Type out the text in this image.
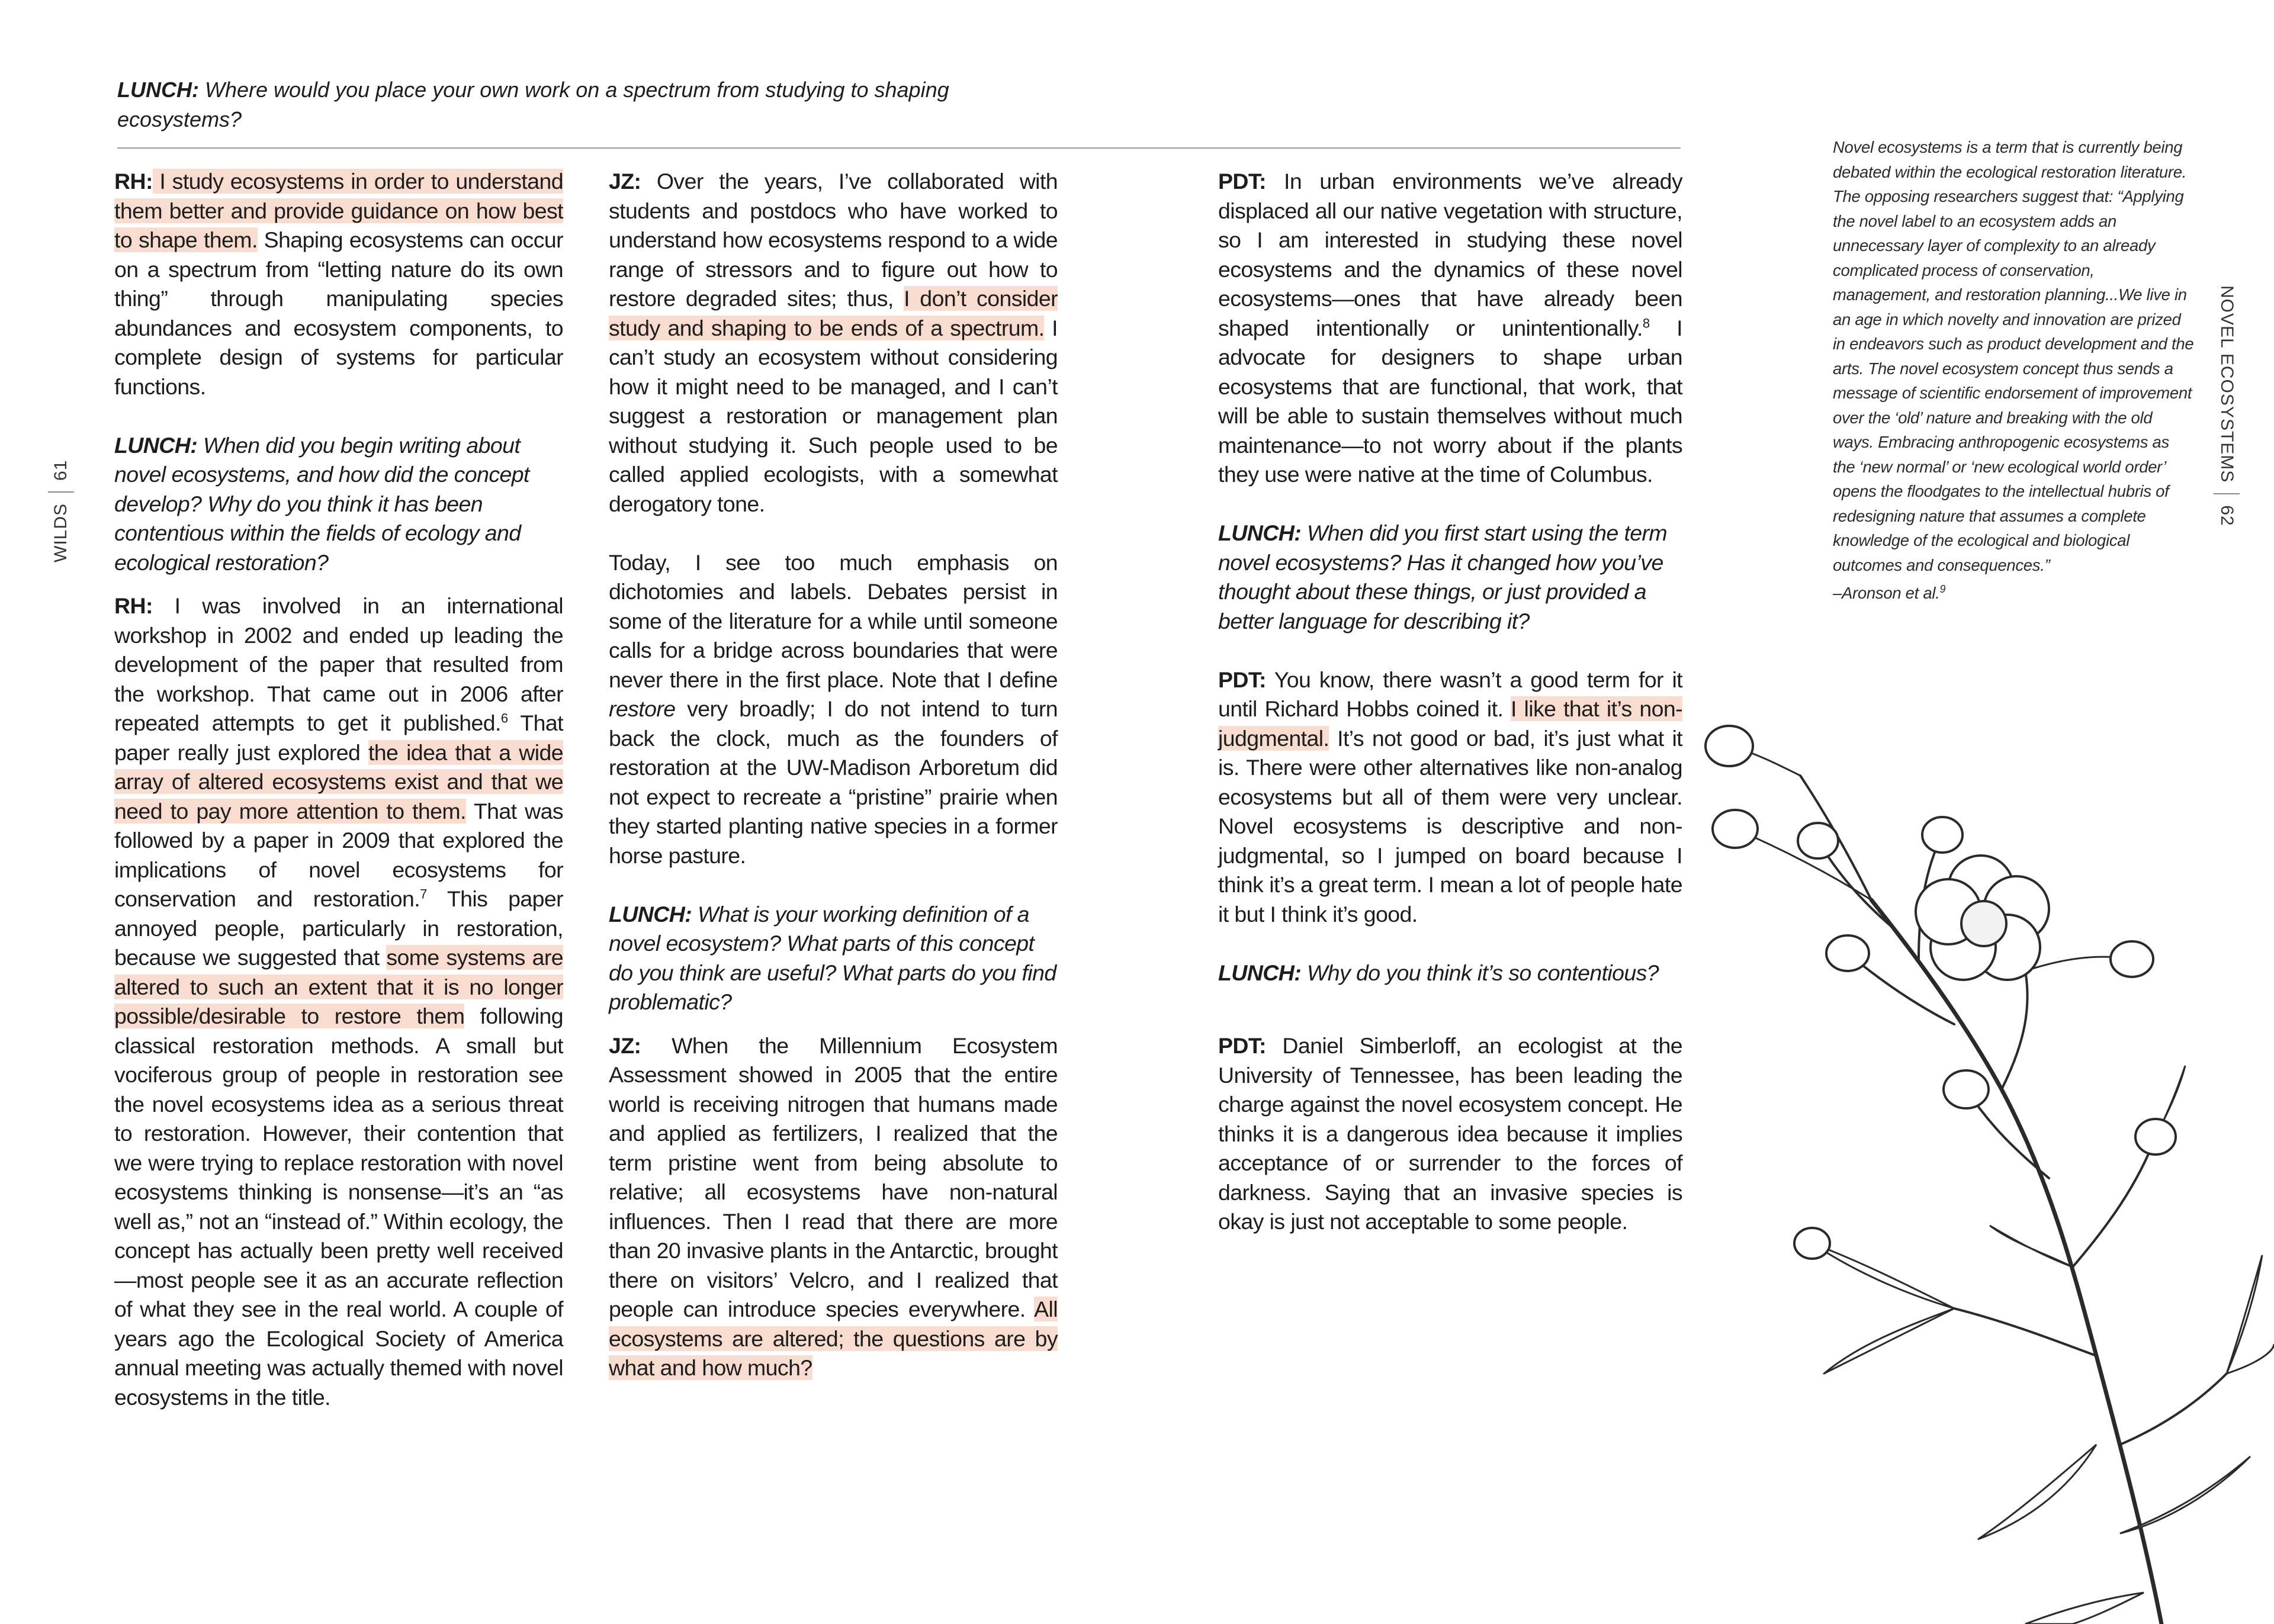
LUNCH: Where would you place your own work on a spectrum from studying to shaping ecosystems?
WILDS
61	NOVEL ECOSYSTEMS
62

RH: I study ecosystems in order to understand them better and provide guidance on how best to shape them. Shaping ecosystems can occur on a spectrum from “letting nature do its own thing” through manipulating species abundances and ecosystem components, to complete design of systems for particular functions.

LUNCH: When did you begin writing about novel ecosystems, and how did the concept develop? Why do you think it has been contentious within the fields of ecology and ecological restoration?

RH: I was involved in an international workshop in 2002 and ended up leading the development of the paper that resulted from the workshop. That came out in 2006 after repeated attempts to get it published.$^6$ That paper really just explored the idea that a wide array of altered ecosystems exist and that we need to pay more attention to them. That was followed by a paper in 2009 that explored the implications of novel ecosystems for conservation and restoration.$^7$ This paper annoyed people, particularly in restoration, because we suggested that some systems are altered to such an extent that it is no longer possible/desirable to restore them following classical restoration methods. A small but vociferous group of people in restoration see the novel ecosystems idea as a serious threat to restoration. However, their contention that we were trying to replace restoration with novel ecosystems thinking is nonsense—it’s an “as well as,” not an “instead of.” Within ecology, the concept has actually been pretty well received—most people see it as an accurate reflection of what they see in the real world. A couple of years ago the Ecological Society of America annual meeting was actually themed with novel ecosystems in the title.

JZ: Over the years, I’ve collaborated with students and postdocs who have worked to understand how ecosystems respond to a wide range of stressors and to figure out how to restore degraded sites; thus, I don’t consider study and shaping to be ends of a spectrum. I can’t study an ecosystem without considering how it might need to be managed, and I can’t suggest a restoration or management plan without studying it. Such people used to be called applied ecologists, with a somewhat derogatory tone.

Today, I see too much emphasis on dichotomies and labels. Debates persist in some of the literature for a while until someone calls for a bridge across boundaries that were never there in the first place. Note that I define restore very broadly; I do not intend to turn back the clock, much as the founders of restoration at the UW-Madison Arboretum did not expect to recreate a “pristine” prairie when they started planting native species in a former horse pasture.

LUNCH: What is your working definition of a novel ecosystem? What parts of this concept do you think are useful? What parts do you find problematic?

JZ: When the Millennium Ecosystem Assessment showed in 2005 that the entire world is receiving nitrogen that humans made and applied as fertilizers, I realized that the term pristine went from being absolute to relative; all ecosystems have non-natural influences. Then I read that there are more than 20 invasive plants in the Antarctic, brought there on visitors’ Velcro, and I realized that people can introduce species everywhere. All ecosystems are altered; the questions are by what and how much?

PDT: In urban environments we’ve already displaced all our native vegetation with structure, so I am interested in studying these novel ecosystems and the dynamics of these novel ecosystems—ones that have already been shaped intentionally or unintentionally.$^8$ I advocate for designers to shape urban ecosystems that are functional, that work, that will be able to sustain themselves without much maintenance—to not worry about if the plants they use were native at the time of Columbus.

LUNCH: When did you first start using the term novel ecosystems? Has it changed how you’ve thought about these things, or just provided a better language for describing it?

PDT: You know, there wasn’t a good term for it until Richard Hobbs coined it. I like that it’s non-judgmental. It’s not good or bad, it’s just what it is. There were other alternatives like non-analog ecosystems but all of them were very unclear. Novel ecosystems is descriptive and non-judgmental, so I jumped on board because I think it’s a great term. I mean a lot of people hate it but I think it’s good.

LUNCH: Why do you think it’s so contentious?

PDT: Daniel Simberloff, an ecologist at the University of Tennessee, has been leading the charge against the novel ecosystem concept. He thinks it is a dangerous idea because it implies acceptance of or surrender to the forces of darkness. Saying that an invasive species is okay is just not acceptable to some people.

Novel ecosystems is a term that is currently being debated within the ecological restoration literature. The opposing researchers suggest that: “Applying the novel label to an ecosystem adds an unnecessary layer of complexity to an already complicated process of conservation, management, and restoration planning...We live in an age in which novelty and innovation are prized in endeavors such as product development and the arts. The novel ecosystem concept thus sends a message of scientific endorsement of improvement over the ‘old’ nature and breaking with the old ways. Embracing anthropogenic ecosystems as the ‘new normal’ or ‘new ecological world order’ opens the floodgates to the intellectual hubris of redesigning nature that assumes a complete knowledge of the ecological and biological outcomes and consequences.”

–Aronson et al.$^9$
